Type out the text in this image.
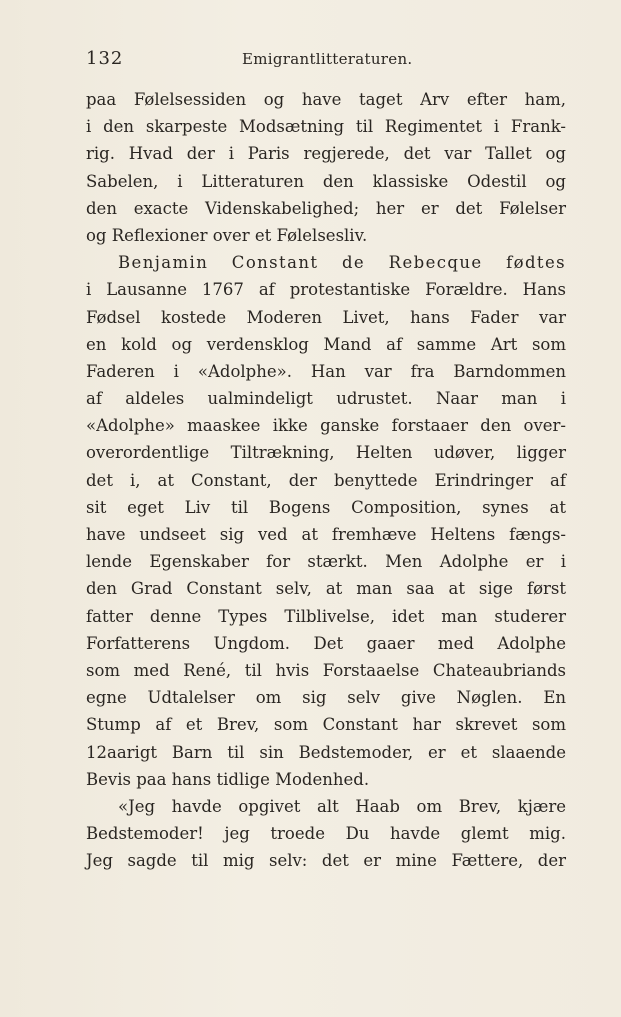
132	Emigrantlitteraturen.
paa Følelsessiden og have taget Arv efter ham,
i den skarpeste Modsætning til Regimentet i Frank-
rig. Hvad der i Paris regjerede, det var Tallet og
Sabelen, i Litteraturen den klassiske Odestil og
den exacte Videnskabelighed; her er det Følelser
og Reflexioner over et Følelsesliv.
Benjamin Constant de Rebecque fødtes
i Lausanne 1767 af protestantiske Forældre. Hans
Fødsel kostede Moderen Livet, hans Fader var
en kold og verdensklog Mand af samme Art som
Faderen i «Adolphe». Han var fra Barndommen
af aldeles ualmindeligt udrustet. Naar man i
«Adolphe» maaskee ikke ganske forstaaer den over-
overordentlige Tiltrækning, Helten udøver, ligger
det i, at Constant, der benyttede Erindringer af
sit eget Liv til Bogens Composition, synes at
have undseet sig ved at fremhæve Heltens fængs-
lende Egenskaber for stærkt. Men Adolphe er i
den Grad Constant selv, at man saa at sige først
fatter denne Types Tilblivelse, idet man studerer
Forfatterens Ungdom. Det gaaer med Adolphe
som med René, til hvis Forstaaelse Chateaubriands
egne Udtalelser om sig selv give Nøglen. En
Stump af et Brev, som Constant har skrevet som
12aarigt Barn til sin Bedstemoder, er et slaaende
Bevis paa hans tidlige Modenhed.
«Jeg havde opgivet alt Haab om Brev, kjære
Bedstemoder! jeg troede Du havde glemt mig.
Jeg sagde til mig selv: det er mine Fættere, der
